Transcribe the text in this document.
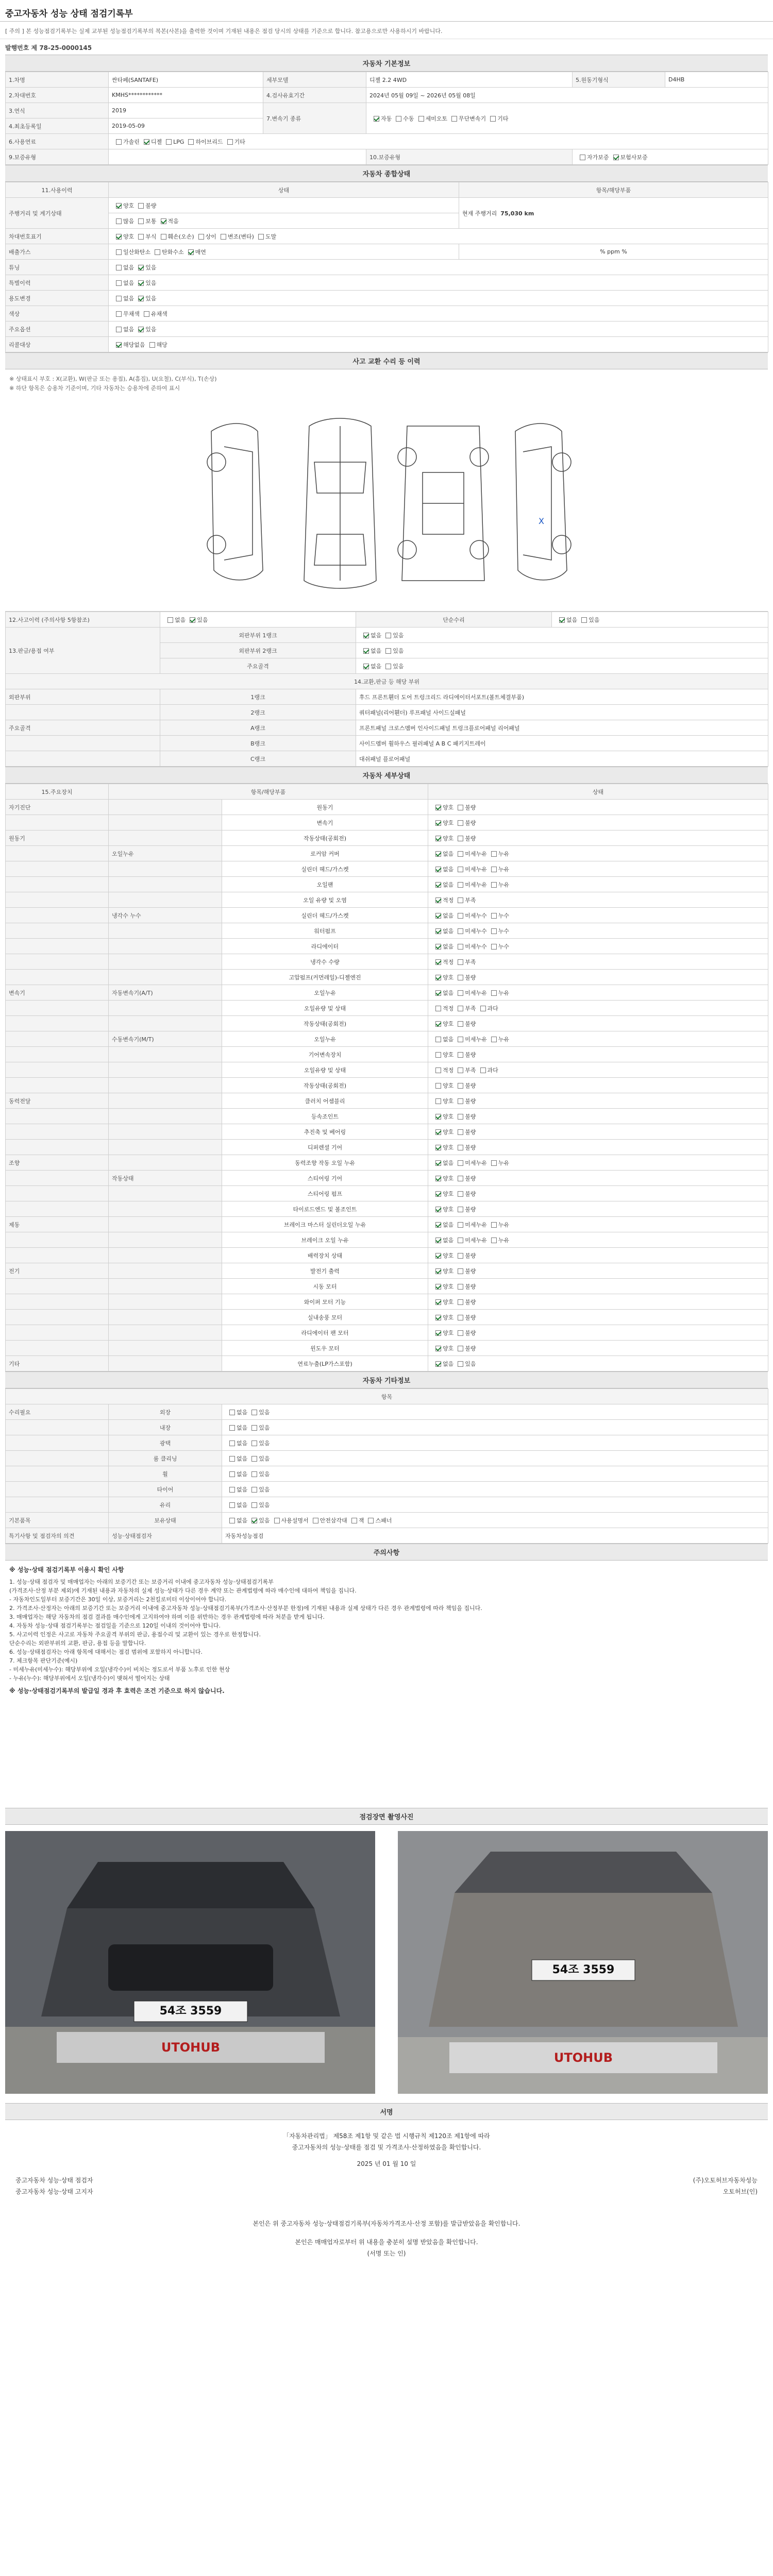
중고자동차 성능 상태 점검기록부
[ 주의 ] 본 성능점검기록부는 실제 교부된 성능점검기록부의 복본(사본)을 출력한 것이며 기재된 내용은 점검 당시의 상태를 기준으로 합니다. 참고용으로만 사용하시기 바랍니다.
발행번호 제 78-25-0000145
자동차 기본정보
1.차명	싼타페(SANTAFE)	세부모델	디젤 2.2 4WD	5.원동기형식	D4HB
2.차대번호	KMHS************	4.검사유효기간	2024년 05월 09일 ~ 2026년 05월 08일		
3.연식	2019	7.변속기 종류	자동 수동 세미오토 무단변속기 기타		
4.최초등록일	2019-05-09				
6.사용연료	가솔린 디젤 LPG 하이브리드 기타				
9.보증유형			10.보증유형	자가보증 보험사보증	
자동차 종합상태
11.사용이력	상태	항목/해당부품
주행거리 및 계기상태	양호 불량	현재 주행거리 75,030 km
	많음 보통 적음	
차대번호표기	양호 부식 훼손(오손) 상이 변조(변타) 도말	
배출가스	일산화탄소 탄화수소 매연	% ppm %
튜닝	없음 있음	
특별이력	없음 있음	
용도변경	없음 있음	
색상	무채색 유채색	
주요옵션	없음 있음	
리콜대상	해당없음 해당	
사고 교환 수리 등 이력
※ 상태표시 부호 : X(교환), W(판금 또는 용접), A(흠집), U(요철), C(부식), T(손상)
※ 하단 항목은 승용차 기준이며, 기타 자동차는 승용차에 준하여 표시
X
12.사고이력 (주의사항 5항참조)	없음 있음	단순수리	없음 있음
13.판금/용접 여부	외판부위 1랭크	없음 있음	
	외판부위 2랭크	없음 있음	
	주요골격	없음 있음	
14.교환,판금 등 해당 부위			
외판부위	1랭크	후드 프론트휀더 도어 트렁크리드 라디에이터서포트(볼트체결부품)	
	2랭크	쿼터패널(리어휀더) 루프패널 사이드실패널	
주요골격	A랭크	프론트패널 크로스멤버 인사이드패널 트렁크플로어패널 리어패널	
	B랭크	사이드멤버 휠하우스 필러패널 A B C 패키지트레이	
	C랭크	대쉬패널 플로어패널	
자동차 세부상태
15.주요장치	항목/해당부품		상태
자기진단		원동기	양호 불량
		변속기	양호 불량
원동기		작동상태(공회전)	양호 불량
	오일누유	로커암 커버	없음 미세누유 누유
		실린더 헤드/가스켓	없음 미세누유 누유
		오일팬	없음 미세누유 누유
		오일 유량 및 오염	적정 부족
	냉각수 누수	실린더 헤드/가스켓	없음 미세누수 누수
		워터펌프	없음 미세누수 누수
		라디에이터	없음 미세누수 누수
		냉각수 수량	적정 부족
		고압펌프(커먼레일)-디젤엔진	양호 불량
변속기	자동변속기(A/T)	오일누유	없음 미세누유 누유
		오일유량 및 상태	적정 부족 과다
		작동상태(공회전)	양호 불량
	수동변속기(M/T)	오일누유	없음 미세누유 누유
		기어변속장치	양호 불량
		오일유량 및 상태	적정 부족 과다
		작동상태(공회전)	양호 불량
동력전달		클러치 어셈블리	양호 불량
		등속조인트	양호 불량
		추진축 및 베어링	양호 불량
		디퍼렌셜 기어	양호 불량
조향		동력조향 작동 오일 누유	없음 미세누유 누유
	작동상태	스티어링 기어	양호 불량
		스티어링 펌프	양호 불량
		타이로드엔드 및 볼조인트	양호 불량
제동		브레이크 마스터 실린더오일 누유	없음 미세누유 누유
		브레이크 오일 누유	없음 미세누유 누유
		배력장치 상태	양호 불량
전기		발전기 출력	양호 불량
		시동 모터	양호 불량
		와이퍼 모터 기능	양호 불량
		실내송풍 모터	양호 불량
		라디에이터 팬 모터	양호 불량
		윈도우 모터	양호 불량
기타		연료누출(LP가스포함)	없음 있음
자동차 기타정보
항목		
수리필요	외장	없음 있음
	내장	없음 있음
	광택	없음 있음
	룸 클리닝	없음 있음
	휠	없음 있음
	타이어	없음 있음
	유리	없음 있음
기본품목	보유상태	없음 있음 사용설명서 안전삼각대 잭 스패너
특기사항 및 점검자의 의견	성능·상태점검자	자동차성능점검
주의사항
※ 성능·상태 점검기록부 이용시 확인 사항
1. 성능·상태 점검자 및 매매업자는 아래의 보증기간 또는 보증거리 이내에 중고자동차 성능·상태점검기록부
(가격조사·산정 부분 제외)에 기재된 내용과 자동차의 실제 성능·상태가 다른 경우 계약 또는 관계법령에 따라 매수인에 대하여 책임을 집니다.
- 자동차인도일부터 보증기간은 30일 이상, 보증거리는 2천킬로미터 이상이어야 합니다.
2. 가격조사·산정자는 아래의 보증기간 또는 보증거리 이내에 중고자동차 성능·상태점검기록부(가격조사·산정부분 한정)에 기재된 내용과 실제 상태가 다른 경우 관계법령에 따라 책임을 집니다.
3. 매매업자는 해당 자동차의 점검 결과를 매수인에게 고지하여야 하며 이를 위반하는 경우 관계법령에 따라 처분을 받게 됩니다.
4. 자동차 성능·상태 점검기록부는 점검일을 기준으로 120일 이내의 것이어야 합니다.
5. 사고이력 인정은 사고로 자동차 주요골격 부위의 판금, 용접수리 및 교환이 있는 경우로 한정합니다.
단순수리는 외판부위의 교환, 판금, 용접 등을 말합니다.
6. 성능·상태점검자는 아래 항목에 대해서는 점검 범위에 포함하지 아니합니다.
7. 체크항목 판단기준(예시)
- 미세누유(미세누수): 해당부위에 오일(냉각수)이 비치는 정도로서 부품 노후로 인한 현상
- 누유(누수): 해당부위에서 오일(냉각수)이 맺혀서 떨어지는 상태
※ 성능·상태점검기록부의 발급일 경과 후 효력은 조건 기준으로 하지 않습니다.
점검장면 촬영사진
54조 3559
UTOHUB
54조 3559
UTOHUB
서명
「자동차관리법」 제58조 제1항 및 같은 법 시행규칙 제120조 제1항에 따라
중고자동차의 성능·상태를 점검 및 가격조사·산정하였음을 확인합니다.
2025 년 01 월 10 일
중고자동차 성능·상태 점검자	(주)오토허브자동차성능
중고자동차 성능·상태 고지자	오토허브(인)
본인은 위 중고자동차 성능·상태점검기록부(자동차가격조사·산정 포함)를 발급받았음을 확인합니다.
본인은 매매업자로부터 위 내용을 충분히 설명 받았음을 확인합니다.
(서명 또는 인)
